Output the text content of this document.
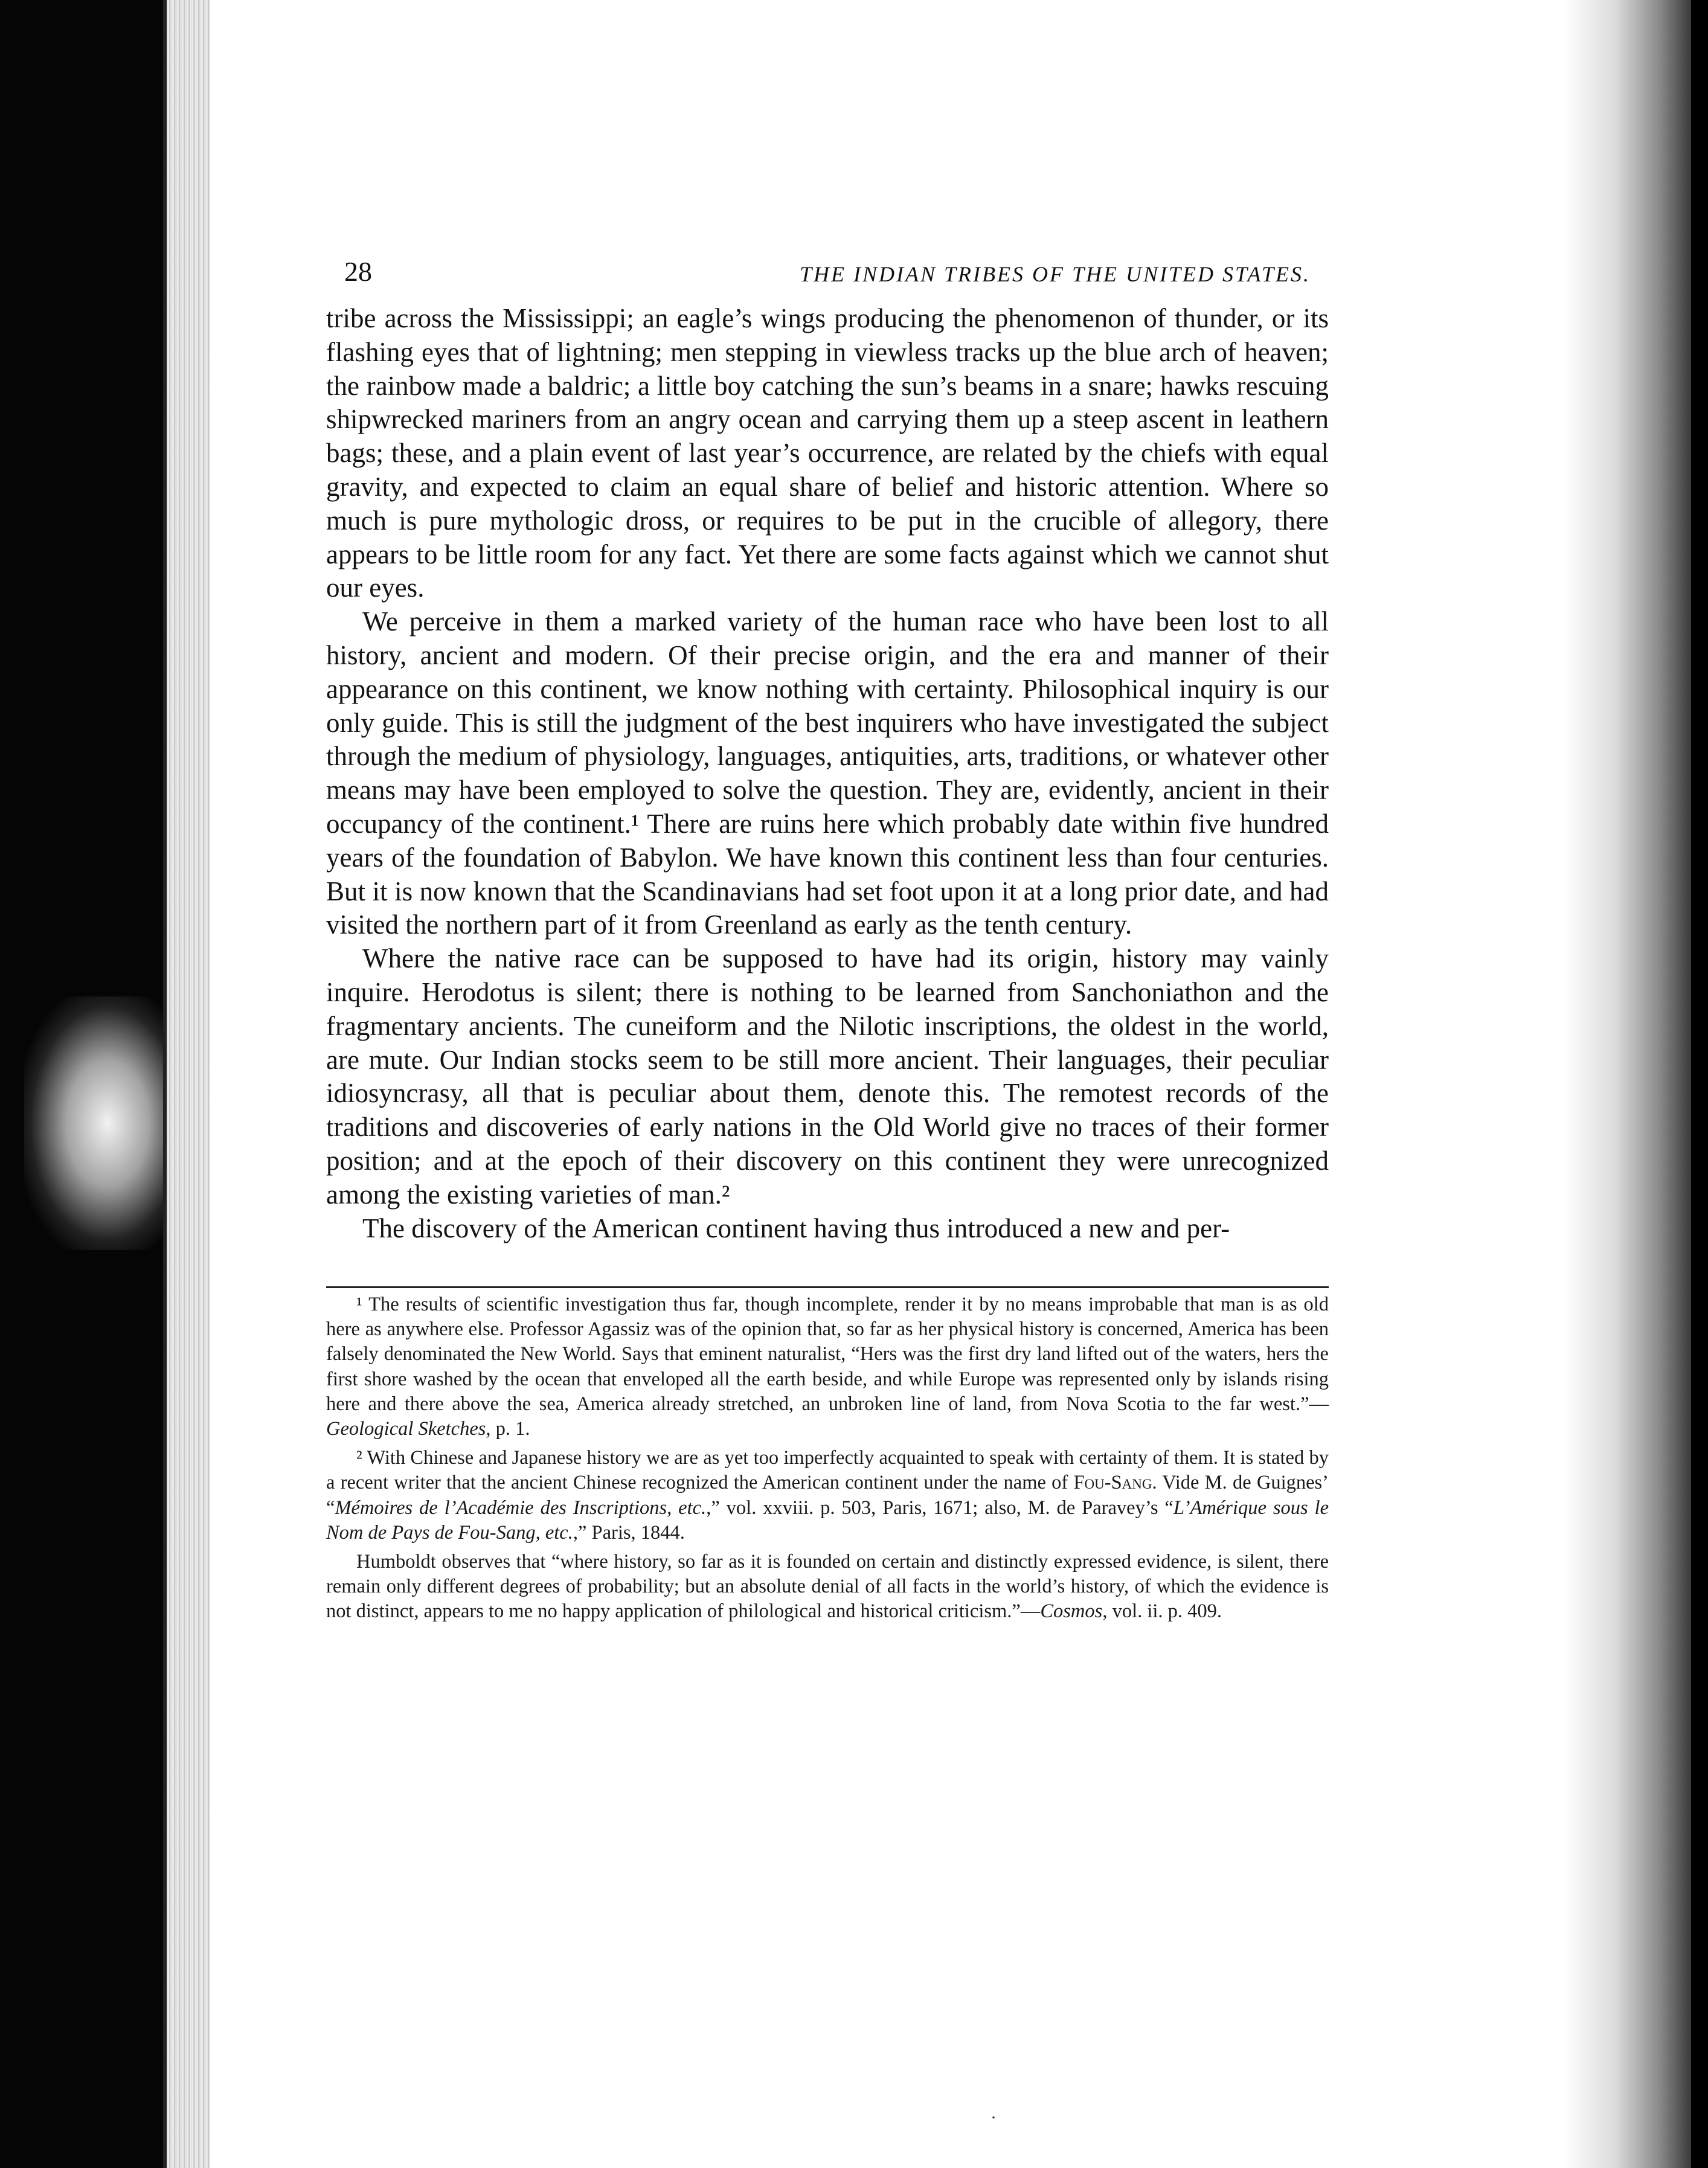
28	THE INDIAN TRIBES OF THE UNITED STATES.

tribe across the Mississippi; an eagle’s wings producing the phenomenon of thunder, or its flashing eyes that of lightning; men stepping in viewless tracks up the blue arch of heaven; the rainbow made a baldric; a little boy catching the sun’s beams in a snare; hawks rescuing shipwrecked mariners from an angry ocean and carrying them up a steep ascent in leathern bags; these, and a plain event of last year’s occurrence, are related by the chiefs with equal gravity, and expected to claim an equal share of belief and historic attention. Where so much is pure mythologic dross, or requires to be put in the crucible of allegory, there appears to be little room for any fact. Yet there are some facts against which we cannot shut our eyes.

We perceive in them a marked variety of the human race who have been lost to all history, ancient and modern. Of their precise origin, and the era and manner of their appearance on this continent, we know nothing with certainty. Philosophical inquiry is our only guide. This is still the judgment of the best inquirers who have investigated the subject through the medium of physiology, languages, antiquities, arts, traditions, or whatever other means may have been employed to solve the question. They are, evidently, ancient in their occupancy of the continent.¹ There are ruins here which probably date within five hundred years of the foundation of Babylon. We have known this continent less than four centuries. But it is now known that the Scandinavians had set foot upon it at a long prior date, and had visited the northern part of it from Greenland as early as the tenth century.

Where the native race can be supposed to have had its origin, history may vainly inquire. Herodotus is silent; there is nothing to be learned from Sanchoniathon and the fragmentary ancients. The cuneiform and the Nilotic inscriptions, the oldest in the world, are mute. Our Indian stocks seem to be still more ancient. Their languages, their peculiar idiosyncrasy, all that is peculiar about them, denote this. The remotest records of the traditions and discoveries of early nations in the Old World give no traces of their former position; and at the epoch of their discovery on this continent they were unrecognized among the existing varieties of man.²

The discovery of the American continent having thus introduced a new and per-

¹ The results of scientific investigation thus far, though incomplete, render it by no means improbable that man is as old here as anywhere else. Professor Agassiz was of the opinion that, so far as her physical history is concerned, America has been falsely denominated the New World. Says that eminent naturalist, “Hers was the first dry land lifted out of the waters, hers the first shore washed by the ocean that enveloped all the earth beside, and while Europe was represented only by islands rising here and there above the sea, America already stretched, an unbroken line of land, from Nova Scotia to the far west.”—Geological Sketches, p. 1.

² With Chinese and Japanese history we are as yet too imperfectly acquainted to speak with certainty of them. It is stated by a recent writer that the ancient Chinese recognized the American continent under the name of Fou-Sang. Vide M. de Guignes’ “Mémoires de l’Académie des Inscriptions, etc.,” vol. xxviii. p. 503, Paris, 1671; also, M. de Paravey’s “L’Amérique sous le Nom de Pays de Fou-Sang, etc.,” Paris, 1844.

Humboldt observes that “where history, so far as it is founded on certain and distinctly expressed evidence, is silent, there remain only different degrees of probability; but an absolute denial of all facts in the world’s history, of which the evidence is not distinct, appears to me no happy application of philological and historical criticism.”—Cosmos, vol. ii. p. 409.

·
